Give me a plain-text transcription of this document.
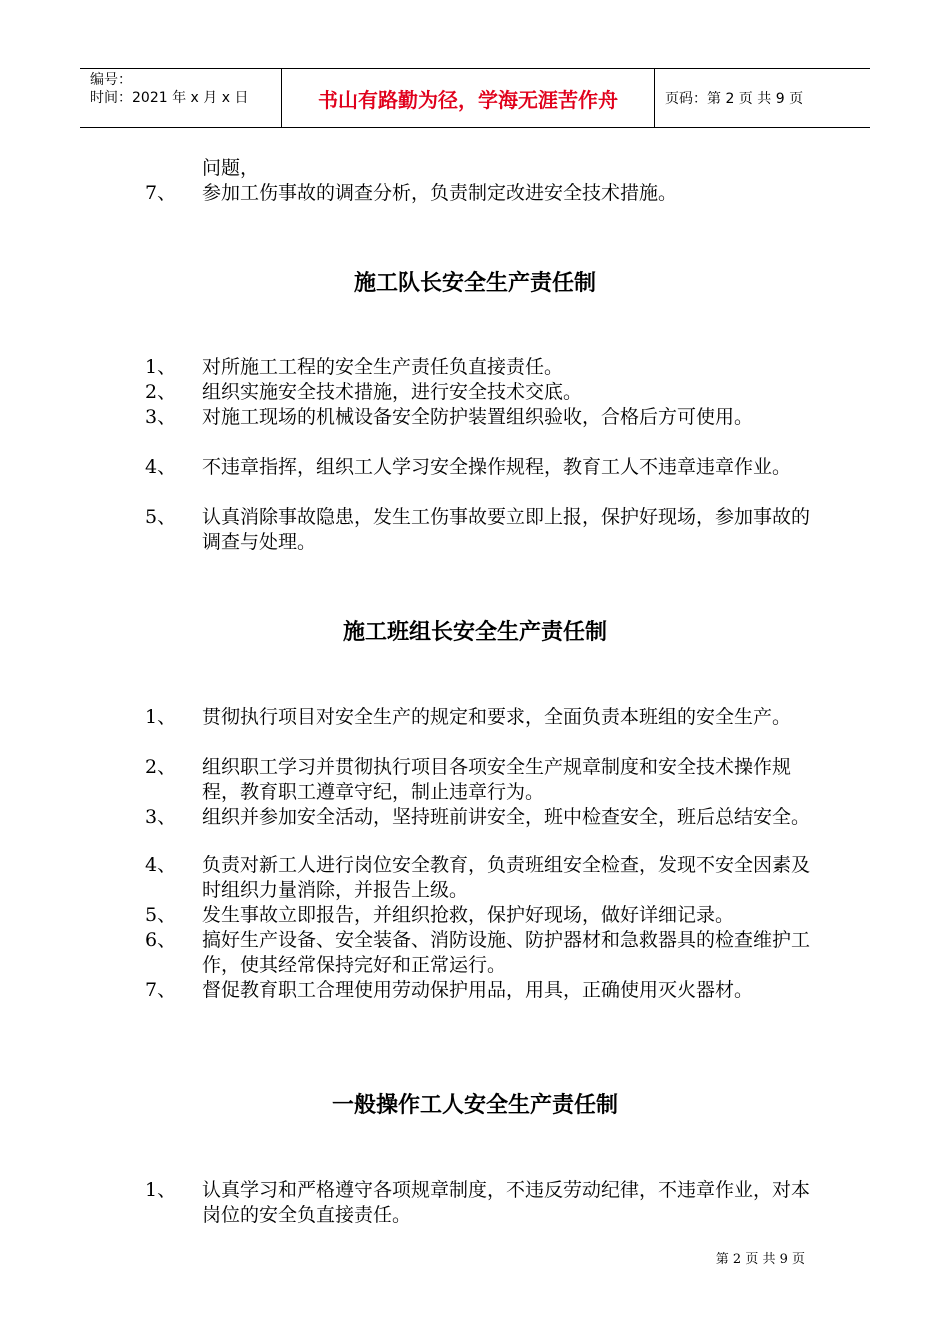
编号：
时间：2021 年 x 月 x 日	书山有路勤为径，学海无涯苦作舟	页码：第 2 页 共 9 页
问题，
7、 参加工伤事故的调查分析，负责制定改进安全技术措施。
施工队长安全生产责任制
1、 对所施工工程的安全生产责任负直接责任。
2、 组织实施安全技术措施，进行安全技术交底。
3、 对施工现场的机械设备安全防护装置组织验收，合格后方可使用。
4、 不违章指挥，组织工人学习安全操作规程，教育工人不违章违章作业。
5、 认真消除事故隐患，发生工伤事故要立即上报，保护好现场，参加事故的调查与处理。
施工班组长安全生产责任制
1、 贯彻执行项目对安全生产的规定和要求，全面负责本班组的安全生产。
2、 组织职工学习并贯彻执行项目各项安全生产规章制度和安全技术操作规程，教育职工遵章守纪，制止违章行为。
3、 组织并参加安全活动，坚持班前讲安全，班中检查安全，班后总结安全。
4、 负责对新工人进行岗位安全教育，负责班组安全检查，发现不安全因素及时组织力量消除，并报告上级。
5、 发生事故立即报告，并组织抢救，保护好现场，做好详细记录。
6、 搞好生产设备、安全装备、消防设施、防护器材和急救器具的检查维护工作，使其经常保持完好和正常运行。
7、 督促教育职工合理使用劳动保护用品，用具，正确使用灭火器材。
一般操作工人安全生产责任制
1、 认真学习和严格遵守各项规章制度，不违反劳动纪律，不违章作业，对本岗位的安全负直接责任。
第 2 页 共 9 页
